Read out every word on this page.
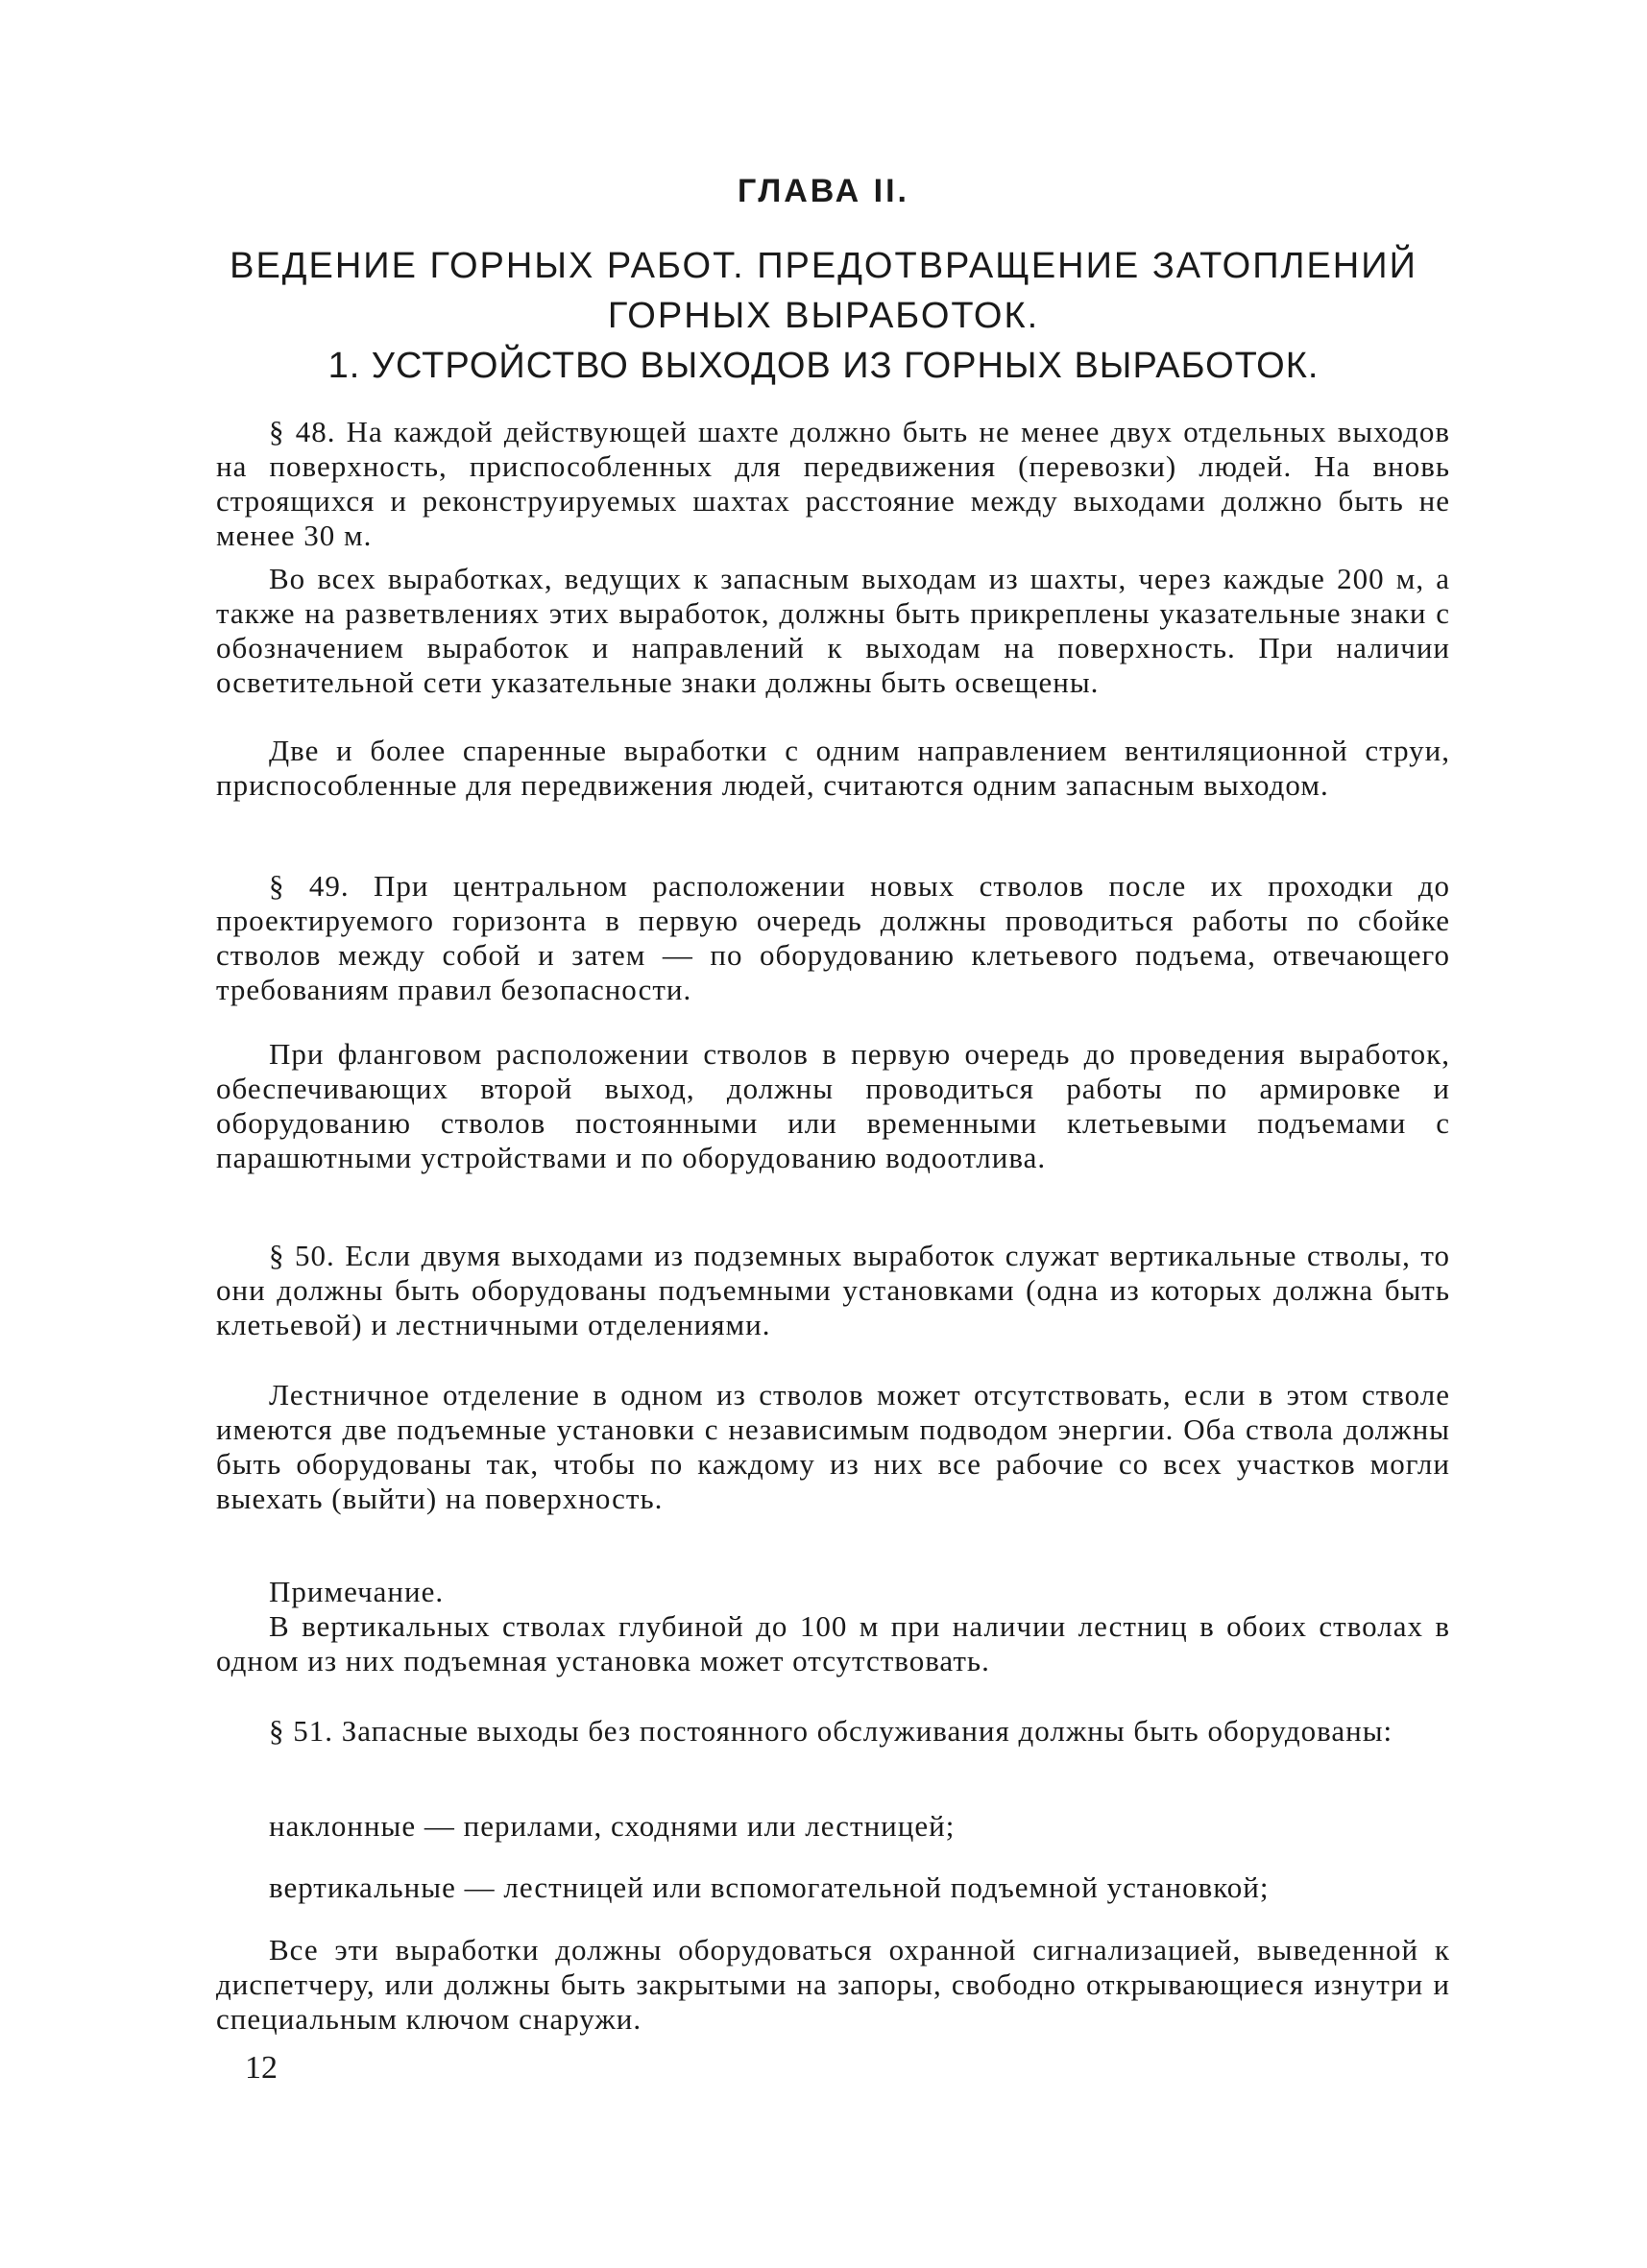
ГЛАВА II.
ВЕДЕНИЕ ГОРНЫХ РАБОТ. ПРЕДОТВРАЩЕНИЕ ЗАТОПЛЕНИЙ
ГОРНЫХ ВЫРАБОТОК.
1. УСТРОЙСТВО ВЫХОДОВ ИЗ ГОРНЫХ ВЫРАБОТОК.

§ 48. На каждой действующей шахте должно быть не менее двух отдельных выходов на поверхность, приспособленных для передвижения (перевозки) людей. На вновь строящихся и реконструируемых шахтах расстояние между выходами должно быть не менее 30 м.

Во всех выработках, ведущих к запасным выходам из шахты, через каждые 200 м, а также на разветвлениях этих выработок, должны быть прикреплены указательные знаки с обозначением выработок и направлений к выходам на поверхность. При наличии осветительной сети указательные знаки должны быть освещены.

Две и более спаренные выработки с одним направлением вентиляционной струи, приспособленные для передвижения людей, считаются одним запасным выходом.

§ 49. При центральном расположении новых стволов после их проходки до проектируемого горизонта в первую очередь должны проводиться работы по сбойке стволов между собой и затем — по оборудованию клетьевого подъема, отвечающего требованиям правил безопасности.

При фланговом расположении стволов в первую очередь до проведения выработок, обеспечивающих второй выход, должны проводиться работы по армировке и оборудованию стволов постоянными или временными клетьевыми подъемами с парашютными устройствами и по оборудованию водоотлива.

§ 50. Если двумя выходами из подземных выработок служат вертикальные стволы, то они должны быть оборудованы подъемными установками (одна из которых должна быть клетьевой) и лестничными отделениями.

Лестничное отделение в одном из стволов может отсутствовать, если в этом стволе имеются две подъемные установки с независимым подводом энергии. Оба ствола должны быть оборудованы так, чтобы по каждому из них все рабочие со всех участков могли выехать (выйти) на поверхность.

Примечание.

В вертикальных стволах глубиной до 100 м при наличии лестниц в обоих стволах в одном из них подъемная установка может отсутствовать.

§ 51. Запасные выходы без постоянного обслуживания должны быть оборудованы:

наклонные — перилами, сходнями или лестницей;

вертикальные — лестницей или вспомогательной подъемной установкой;

Все эти выработки должны оборудоваться охранной сигнализацией, выведенной к диспетчеру, или должны быть закрытыми на запоры, свободно открывающиеся изнутри и специальным ключом снаружи.

12
